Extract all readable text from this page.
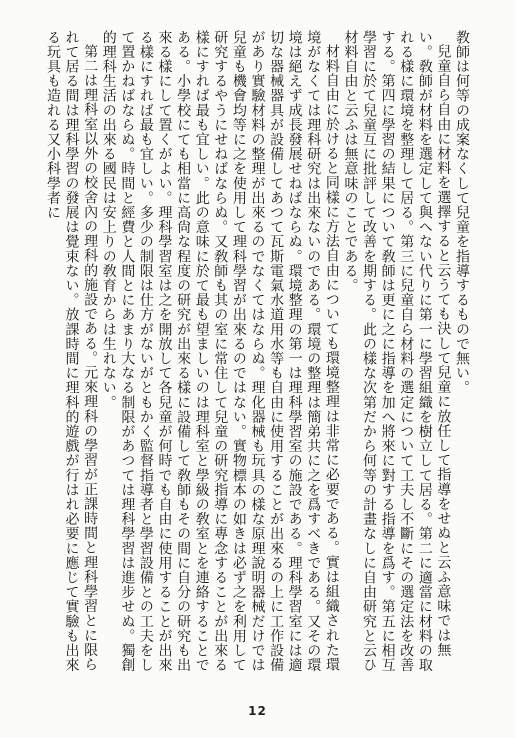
教師は何等の成案なくして兒童を指導するもので無い。

兒童自ら自由に材料を選擇すると云うても決して兒童に放任して指導をせぬと云ふ意味では無い。敎師が材料を選定して與へない代りに第一に學習組織を樹立して居る。第二に適當に材料の取れる樣に環境を整理して居る。第三に兒童自ら材料の選定について工夫し不斷にその選定法を改善する。第四に學習の結果について敎師は更に之に指導を加へ將來に對する指導を爲す。第五に相互學習に於て兒童互に批評して改善を期する。此の樣な次第だから何等の計畫なしに自由研究と云ひ材料自由と云ふは無意味のことである。

材料自由に於けると同樣に方法自由についても環境整理は非常に必要である。實は組織された環境がなくては理科研究は出來ないのである。環境の整理は簡弟共に之を爲すべきである。又その環境は絕えず成長發展せねばならぬ。環境整理の第一は理科學習室の施設である。理科學習室には適切な器械器具が設備してあつて瓦斯電氣水道用水等も自由に使用することが出來るの上に工作設備があり實驗材料の整理が出來るのでなくてはならぬ。理化器械も玩具の樣な原理說明器械だけでは兒童も機會均等に之を使用して理科學習が出來るのではない。實物標本の如きは必ず之を利用して研究するやうにせねばならぬ。又敎師も其の室に常住して兒童の研究指導に專念することが出來る樣にすれば最も宜しい。此の意味に於て最も望ましいのは理科室と學級の敎室とを連絡することである。小學校にても相當に高尙な程度の研究が出來る樣に設備して敎師もその間に自分の研究も出來る樣にして置くがよい。理科學習室は之を開放して各兒童が何時でも自由に使用することが出來る樣にすれば最も宜しい。多少の制限は仕方がないがともかく監督指導者と學習設備との工夫をして置かねばならぬ。時間と經費と人間とにあまり大なる制限があつては理科學習は進步せぬ。獨創的理科生活の出來る國民は安上りの敎育からは生れない。

第二は理科室以外の校舍內の理科的施設である。元來理科の學習が正課時間と理科學習とに限られて居る間は理科學習の發展は覺束ない。放課時間に理科的遊戲が行はれ必要に應じて實驗も出來る玩具も造れる又小科學者に

12
